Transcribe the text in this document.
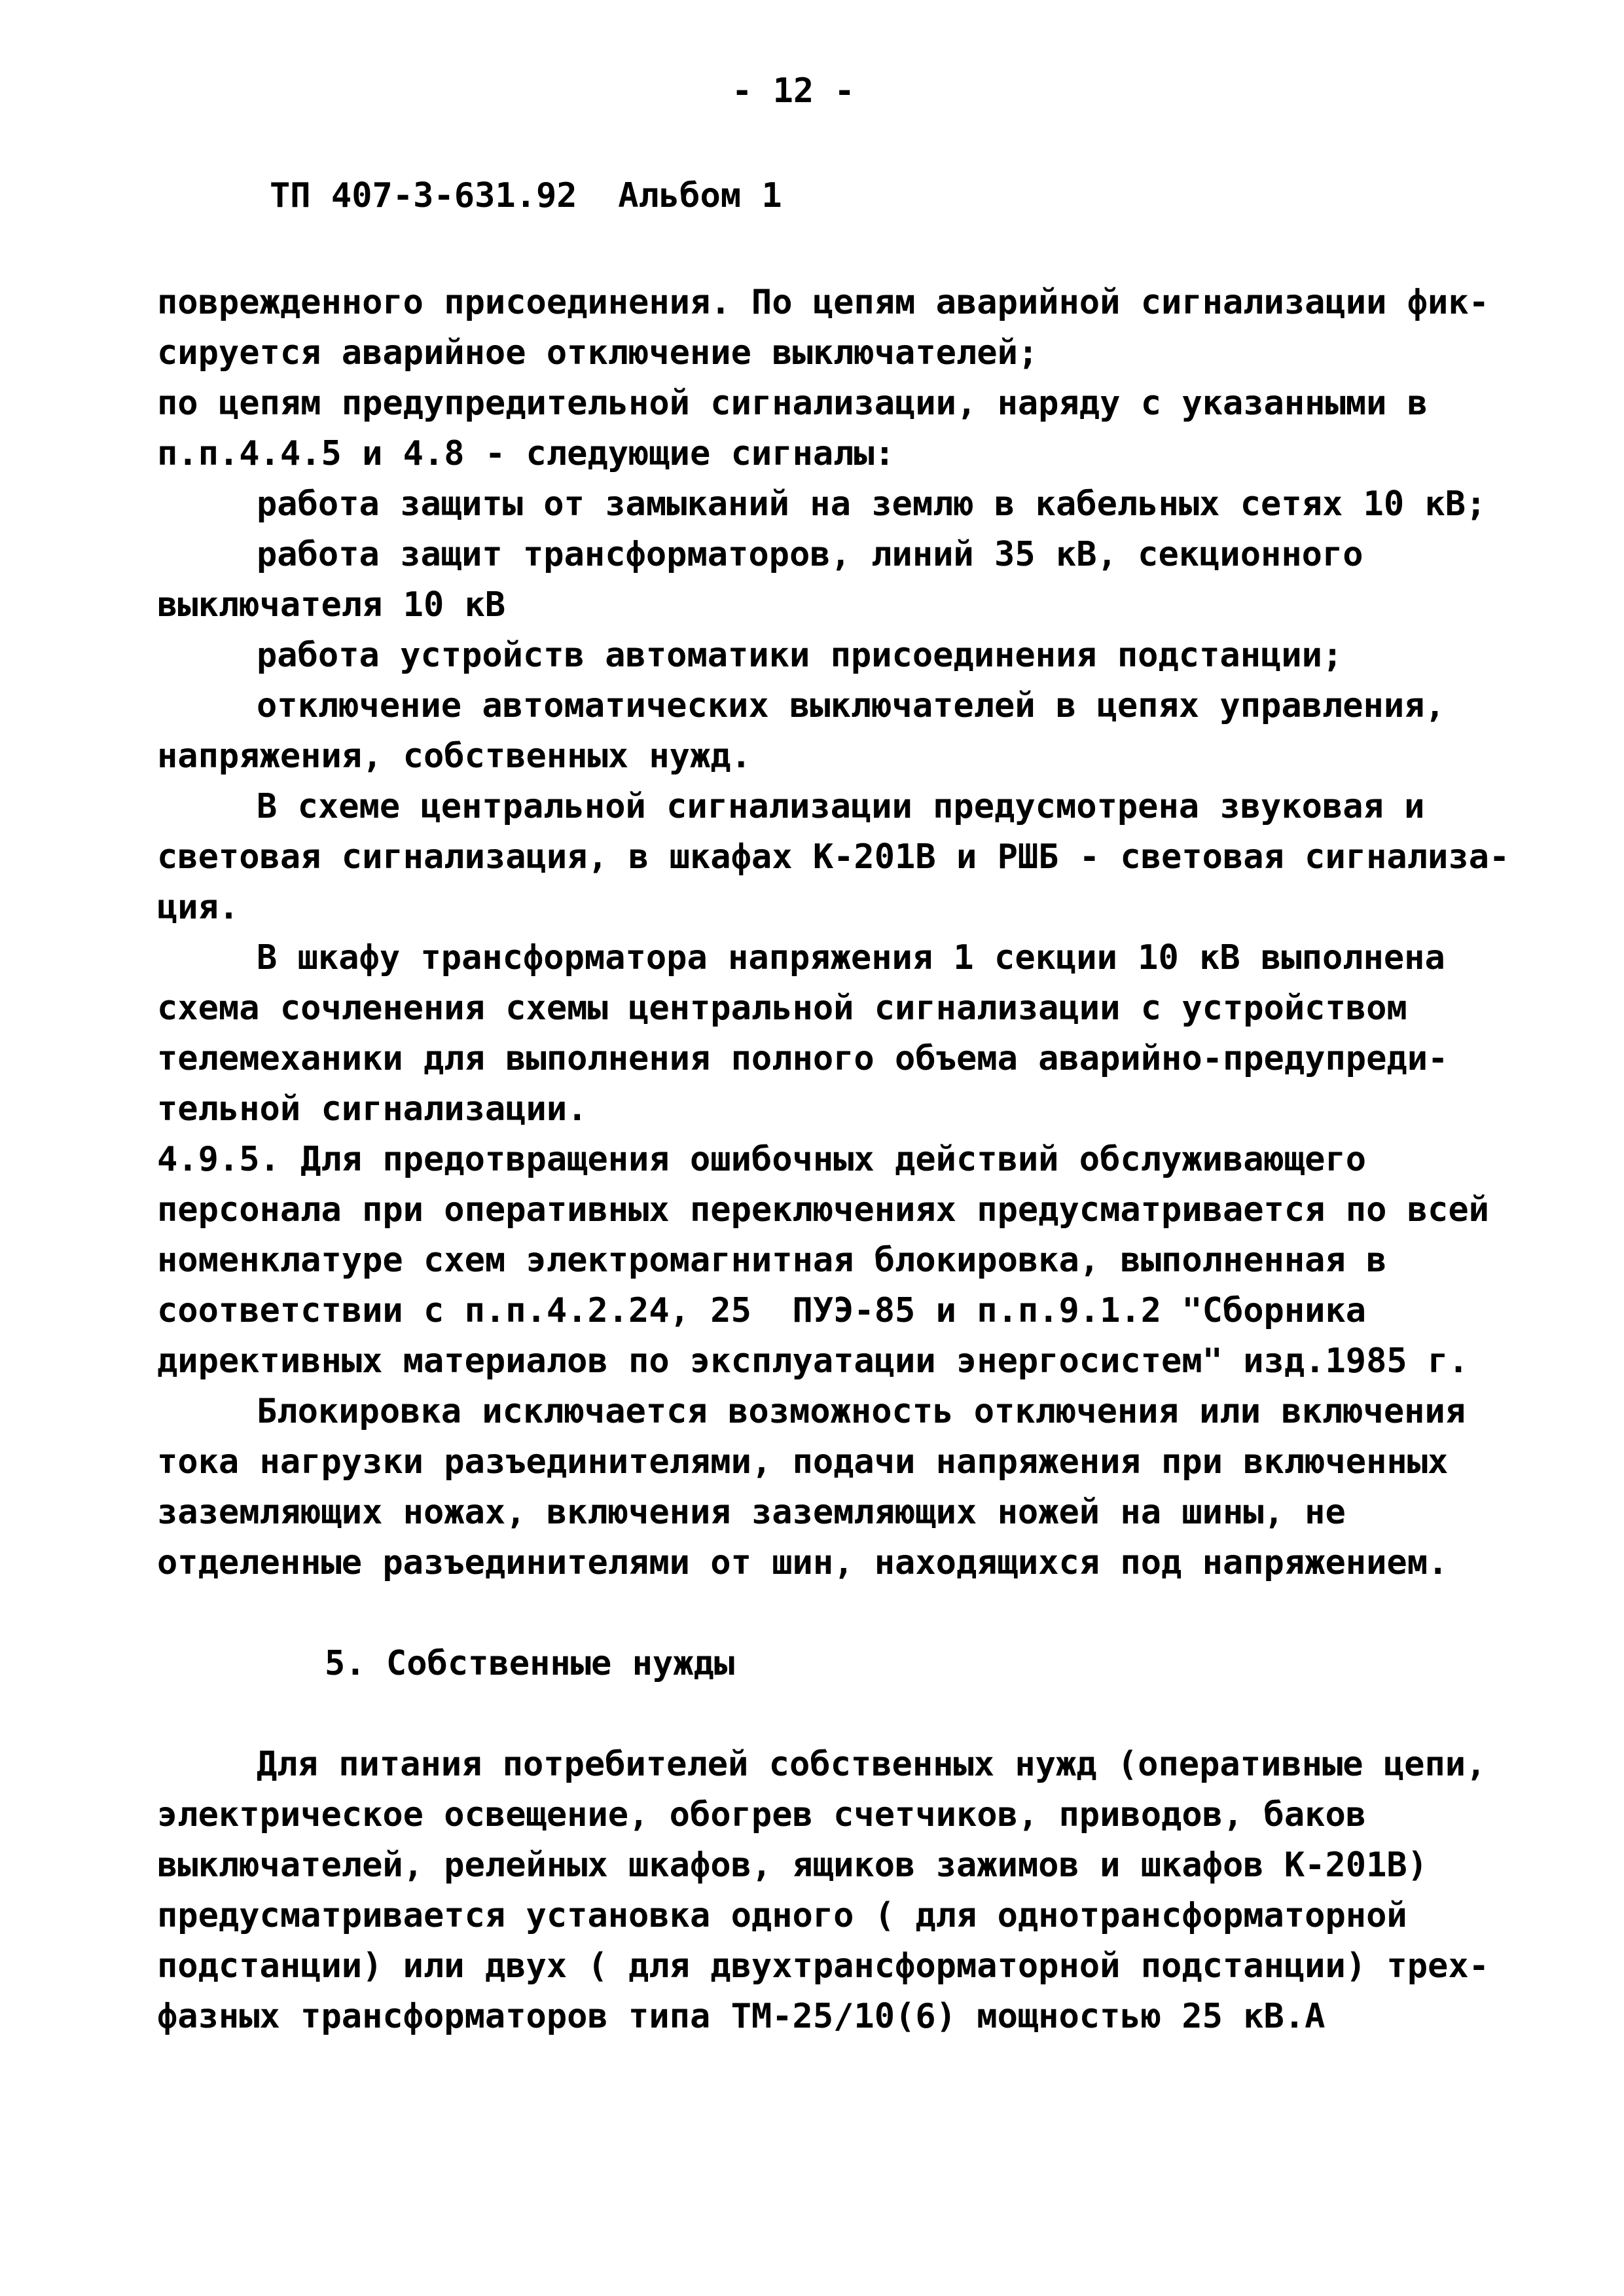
- 12 -
ТП 407-3-631.92  Альбом 1
поврежденного присоединения. По цепям аварийной сигнализации фик-
сируется аварийное отключение выключателей;
по цепям предупредительной сигнализации, наряду с указанными в
п.п.4.4.5 и 4.8 - следующие сигналы:
работа защиты от замыканий на землю в кабельных сетях 10 кВ;
работа защит трансформаторов, линий 35 кВ, секционного
выключателя 10 кВ
работа устройств автоматики присоединения подстанции;
отключение автоматических выключателей в цепях управления,
напряжения, собственных нужд.
В схеме центральной сигнализации предусмотрена звуковая и
световая сигнализация, в шкафах К-201В и РШБ - световая сигнализа-
ция.
В шкафу трансформатора напряжения 1 секции 10 кВ выполнена
схема сочленения схемы центральной сигнализации с устройством
телемеханики для выполнения полного объема аварийно-предупреди-
тельной сигнализации.
4.9.5. Для предотвращения ошибочных действий обслуживающего
персонала при оперативных переключениях предусматривается по всей
номенклатуре схем электромагнитная блокировка, выполненная в
соответствии с п.п.4.2.24, 25  ПУЭ-85 и п.п.9.1.2 "Сборника
директивных материалов по эксплуатации энергосистем" изд.1985 г.
Блокировка исключается возможность отключения или включения
тока нагрузки разъединителями, подачи напряжения при включенных
заземляющих ножах, включения заземляющих ножей на шины, не
отделенные разъединителями от шин, находящихся под напряжением.

5. Собственные нужды

Для питания потребителей собственных нужд (оперативные цепи,
электрическое освещение, обогрев счетчиков, приводов, баков
выключателей, релейных шкафов, ящиков зажимов и шкафов К-201В)
предусматривается установка одного ( для однотрансформаторной
подстанции) или двух ( для двухтрансформаторной подстанции) трех-
фазных трансформаторов типа ТМ-25/10(6) мощностью 25 кВ.А
